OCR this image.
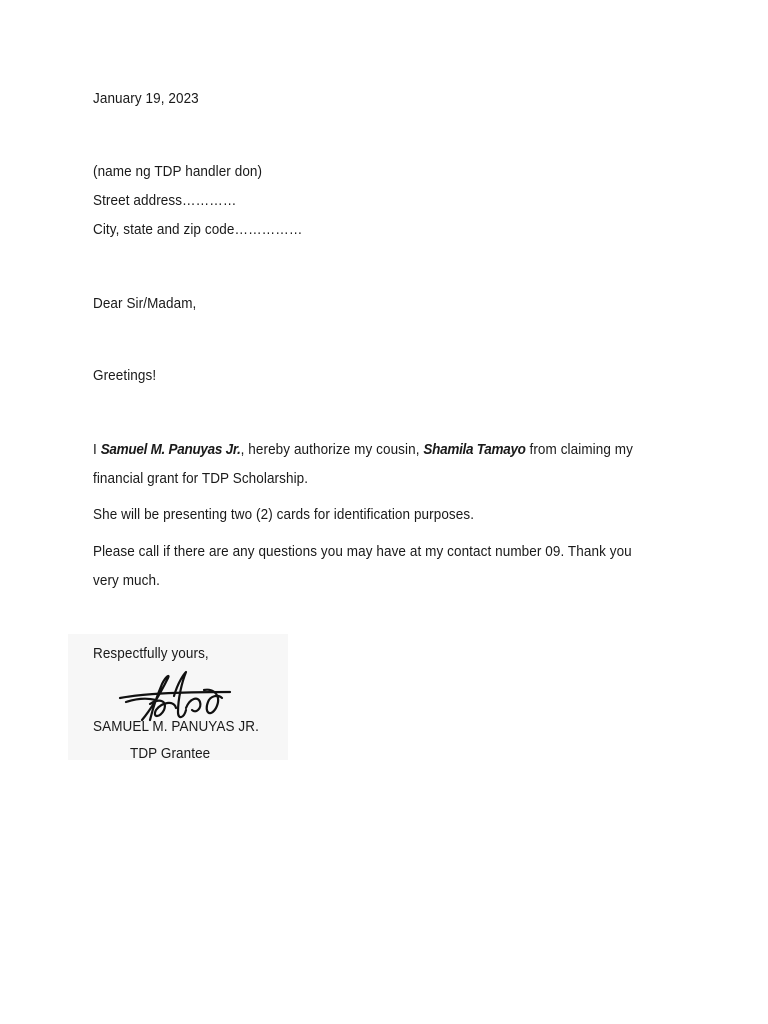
January 19, 2023
(name ng TDP handler don)
Street address…………
City, state and zip code……………
Dear Sir/Madam,
Greetings!
I Samuel M. Panuyas Jr., hereby authorize my cousin, Shamila Tamayo from claiming my financial grant for TDP Scholarship.
She will be presenting two (2) cards for identification purposes.
Please call if there are any questions you may have at my contact number 09. Thank you very much.
Respectfully yours,
SAMUEL M. PANUYAS JR.
TDP Grantee
